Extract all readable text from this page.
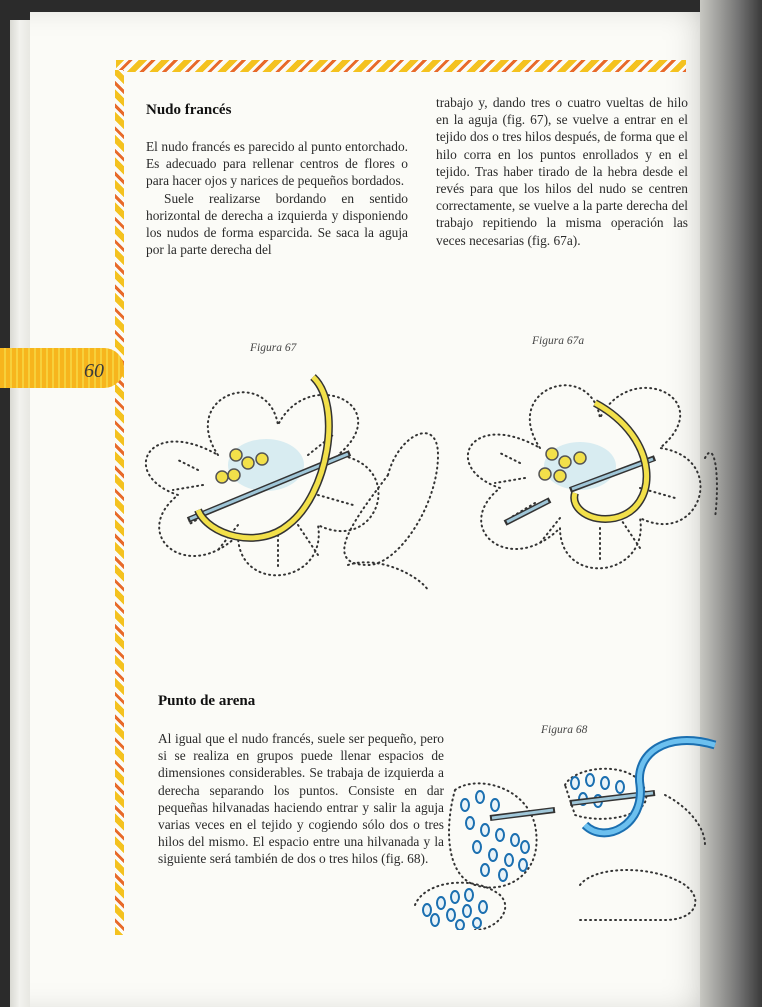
60
Nudo francés

El nudo francés es parecido al punto entorchado. Es adecuado para rellenar centros de flores o para hacer ojos y narices de pequeños bordados.

Suele realizarse bordando en sentido horizontal de derecha a izquierda y disponiendo los nudos de forma esparcida. Se saca la aguja por la parte derecha del

trabajo y, dando tres o cuatro vueltas de hilo en la aguja (fig. 67), se vuelve a entrar en el tejido dos o tres hilos después, de forma que el hilo corra en los puntos enrollados y en el tejido. Tras haber tirado de la hebra desde el revés para que los hilos del nudo se centren correctamente, se vuelve a la parte derecha del trabajo repitiendo la misma operación las veces necesarias (fig. 67a).

Figura 67
Figura 67a
Punto de arena

Al igual que el nudo francés, suele ser pequeño, pero si se realiza en grupos puede llenar espacios de dimensiones considerables. Se trabaja de izquierda a derecha separando los puntos. Consiste en dar pequeñas hilvanadas haciendo entrar y salir la aguja varias veces en el tejido y cogiendo sólo dos o tres hilos del mismo. El espacio entre una hilvanada y la siguiente será también de dos o tres hilos (fig. 68).

Figura 68
